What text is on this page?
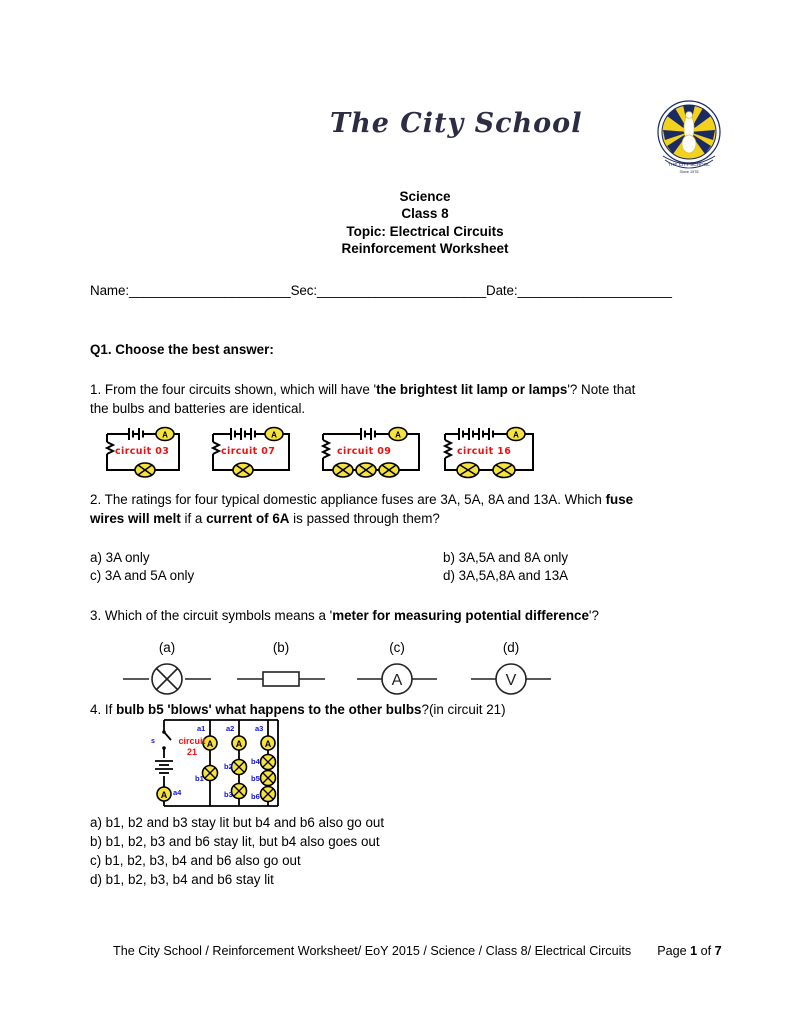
The City School
THE CITY SCHOOL
Since 1978
Science
Class 8
Topic: Electrical Circuits
Reinforcement Worksheet
Name:______________________Sec:_______________________Date:_____________________
Q1. Choose the best answer:
1. From the four circuits shown, which will have 'the brightest lit lamp or lamps'? Note that
the bulbs and batteries are identical.
A
circuit 03
A
circuit 07
A
circuit 09
A
circuit 16
2. The ratings for four typical domestic appliance fuses are 3A, 5A, 8A and 13A. Which fuse
wires will melt if a current of 6A is passed through them?
a) 3A only	b) 3A,5A and 8A only
c) 3A and 5A only	d) 3A,5A,8A and 13A
3. Which of the circuit symbols means a 'meter for measuring potential difference'?
(a)	(b)	(c)	(d)
A	V
4. If bulb b5 'blows' what happens to the other bulbs?(in circuit 21)
A
A	A	A
s	circuit
21
a4
a1	a2	a3
b1
b2
b3
b4
b5
b6
a) b1, b2 and b3 stay lit but b4 and b6 also go out
b) b1, b2, b3 and b6 stay lit, but b4 also goes out
c) b1, b2, b3, b4 and b6 also go out
d) b1, b2, b3, b4 and b6 stay lit
The City School / Reinforcement Worksheet/ EoY 2015 / Science / Class 8/ Electrical Circuits Page 1 of 7
